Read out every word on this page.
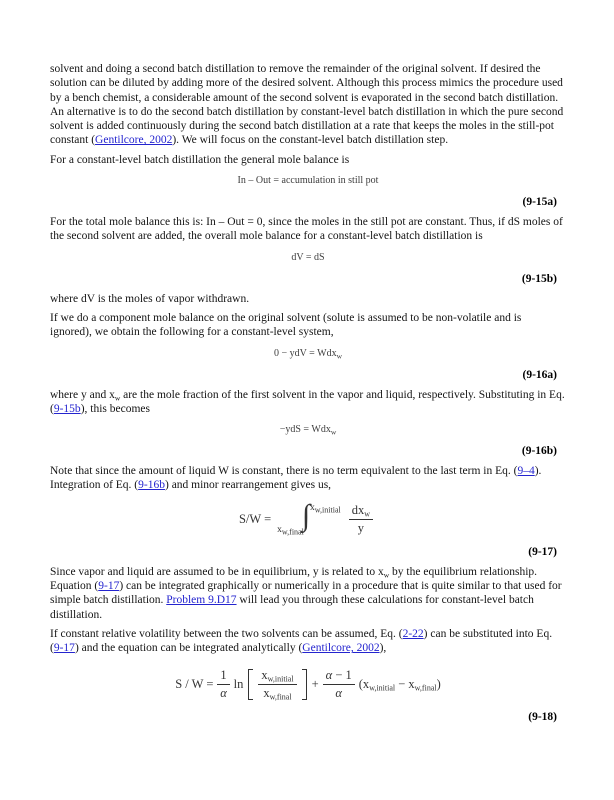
solvent and doing a second batch distillation to remove the remainder of the original solvent. If desired the solution can be diluted by adding more of the desired solvent. Although this process mimics the procedure used by a bench chemist, a considerable amount of the second solvent is evaporated in the second batch distillation. An alternative is to do the second batch distillation by constant-level batch distillation in which the pure second solvent is added continuously during the second batch distillation at a rate that keeps the moles in the still-pot constant (Gentilcore, 2002). We will focus on the constant-level batch distillation step.

For a constant-level batch distillation the general mole balance is

In – Out = accumulation in still pot
(9-15a)

For the total mole balance this is: In – Out = 0, since the moles in the still pot are constant. Thus, if dS moles of the second solvent are added, the overall mole balance for a constant-level batch distillation is

dV = dS
(9-15b)

where dV is the moles of vapor withdrawn.

If we do a component mole balance on the original solvent (solute is assumed to be non-volatile and is ignored), we obtain the following for a constant-level system,

0 − ydV = Wdx$_w$
(9-16a)

where y and $x_w$ are the mole fraction of the first solvent in the vapor and liquid, respectively. Substituting in Eq. (9-15b), this becomes

−ydS = Wdx$_w$
(9-16b)

Note that since the amount of liquid W is constant, there is no term equivalent to the last term in Eq. (9–4). Integration of Eq. (9-16b) and minor rearrangement gives us,

S/W =
$x_{w,final}$
∫ $x_{w,initial} \frac{dx_w}{y}$
(9-17)

Since vapor and liquid are assumed to be in equilibrium, y is related to $x_w$ by the equilibrium relationship. Equation (9-17) can be integrated graphically or numerically in a procedure that is quite similar to that used for simple batch distillation. Problem 9.D17 will lead you through these calculations for constant-level batch distillation.

If constant relative volatility between the two solvents can be assumed, Eq. (2-22) can be substituted into Eq. (9-17) and the equation can be integrated analytically (Gentilcore, 2002),

$S / W = \frac{1}{\alpha}$ $\ln \frac{x_{w,initial}}{x_{w,final}} + \frac{\alpha - 1}{\alpha} (x_{w,initial} - x_{w,final})$
(9-18)
